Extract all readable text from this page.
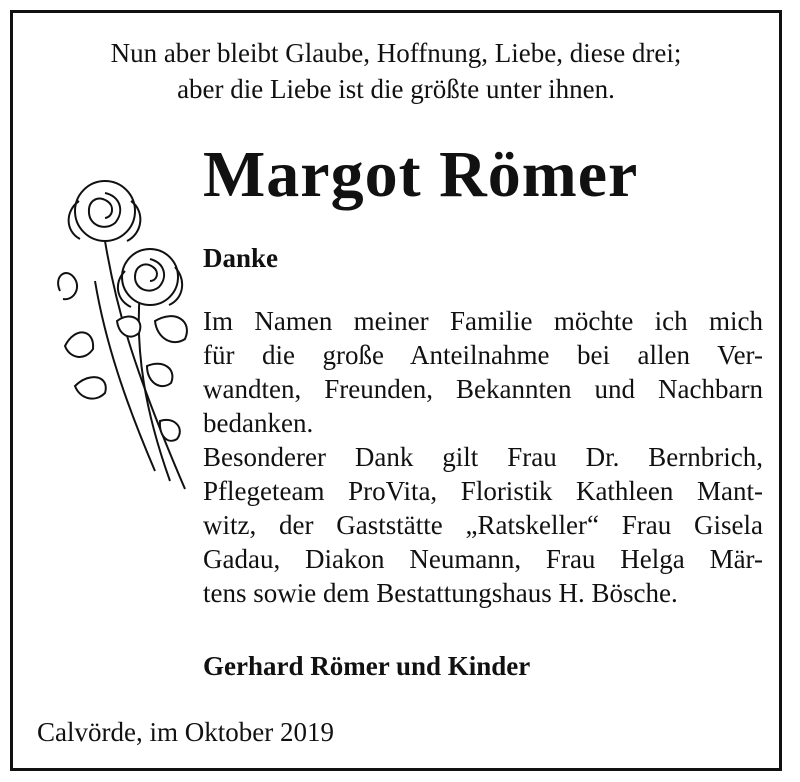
Nun aber bleibt Glaube, Hoffnung, Liebe, diese drei;
aber die Liebe ist die größte unter ihnen.
Margot Römer
Danke
Im Namen meiner Familie möchte ich mich
für die große Anteilnahme bei allen Ver-
wandten, Freunden, Bekannten und Nachbarn
bedanken.
Besonderer Dank gilt Frau Dr. Bernbrich,
Pflegeteam ProVita, Floristik Kathleen Mant-
witz, der Gaststätte „Ratskeller“ Frau Gisela
Gadau, Diakon Neumann, Frau Helga Mär-
tens sowie dem Bestattungshaus H. Bösche.
Gerhard Römer und Kinder
Calvörde, im Oktober 2019
